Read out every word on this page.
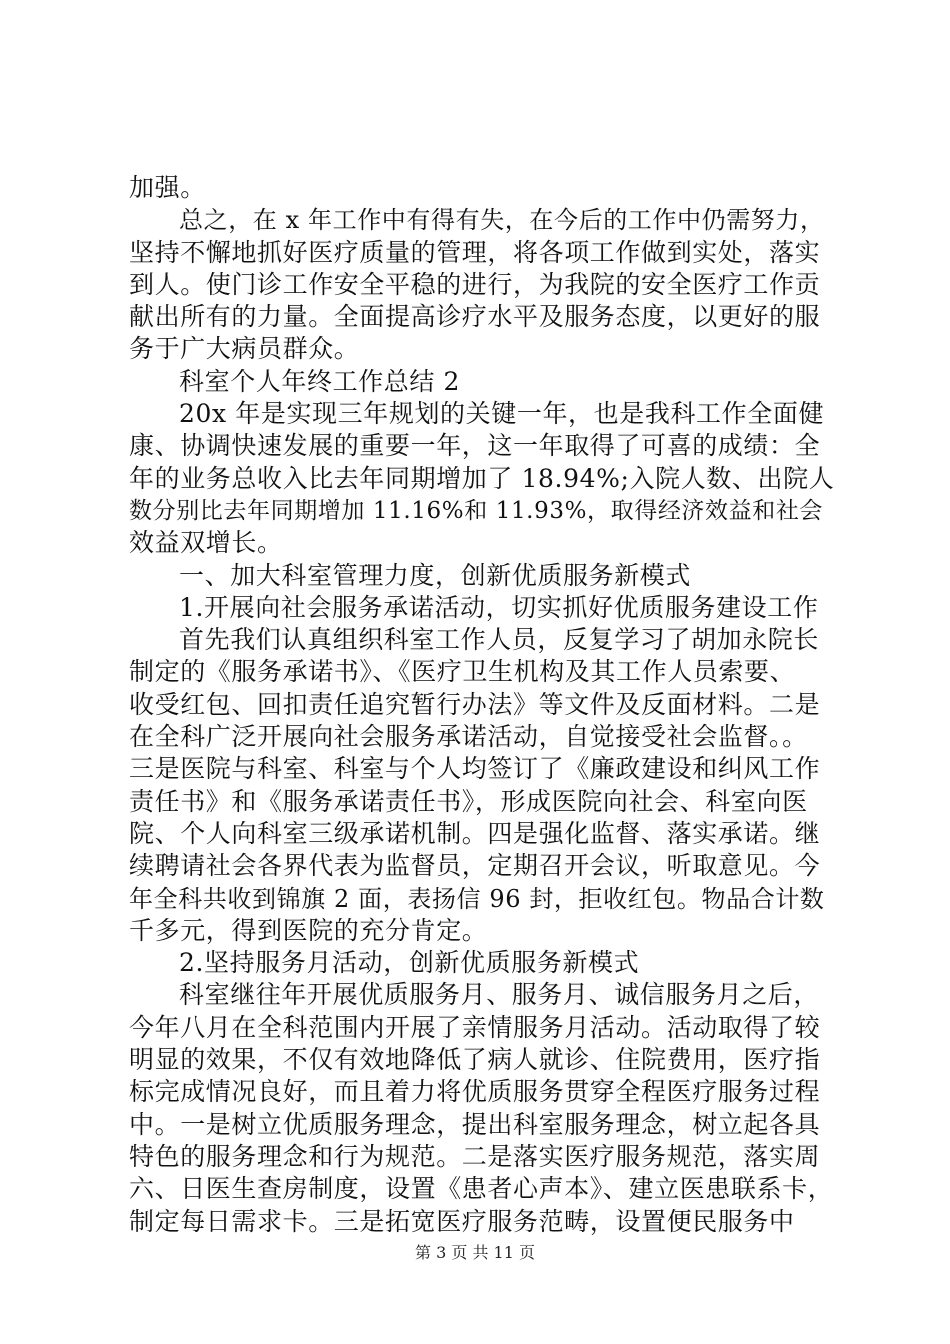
加强。
总之，在 x 年工作中有得有失，在今后的工作中仍需努力，
坚持不懈地抓好医疗质量的管理，将各项工作做到实处，落实
到人。使门诊工作安全平稳的进行，为我院的安全医疗工作贡
献出所有的力量。全面提高诊疗水平及服务态度，以更好的服
务于广大病员群众。
科室个人年终工作总结 2
20x 年是实现三年规划的关键一年，也是我科工作全面健
康、协调快速发展的重要一年，这一年取得了可喜的成绩：全
年的业务总收入比去年同期增加了 18.94%;入院人数、出院人
数分别比去年同期增加 11.16%和 11.93%，取得经济效益和社会
效益双增长。
一、加大科室管理力度，创新优质服务新模式
1.开展向社会服务承诺活动，切实抓好优质服务建设工作
首先我们认真组织科室工作人员，反复学习了胡加永院长
制定的《服务承诺书》、《医疗卫生机构及其工作人员索要、
收受红包、回扣责任追究暂行办法》等文件及反面材料。二是
在全科广泛开展向社会服务承诺活动，自觉接受社会监督。。
三是医院与科室、科室与个人均签订了《廉政建设和纠风工作
责任书》和《服务承诺责任书》，形成医院向社会、科室向医
院、个人向科室三级承诺机制。四是强化监督、落实承诺。继
续聘请社会各界代表为监督员，定期召开会议，听取意见。今
年全科共收到锦旗 2 面，表扬信 96 封，拒收红包。物品合计数
千多元，得到医院的充分肯定。
2.坚持服务月活动，创新优质服务新模式
科室继往年开展优质服务月、服务月、诚信服务月之后，
今年八月在全科范围内开展了亲情服务月活动。活动取得了较
明显的效果，不仅有效地降低了病人就诊、住院费用，医疗指
标完成情况良好，而且着力将优质服务贯穿全程医疗服务过程
中。一是树立优质服务理念，提出科室服务理念，树立起各具
特色的服务理念和行为规范。二是落实医疗服务规范，落实周
六、日医生查房制度，设置《患者心声本》、建立医患联系卡，
制定每日需求卡。三是拓宽医疗服务范畴，设置便民服务中
第 3 页 共 11 页
